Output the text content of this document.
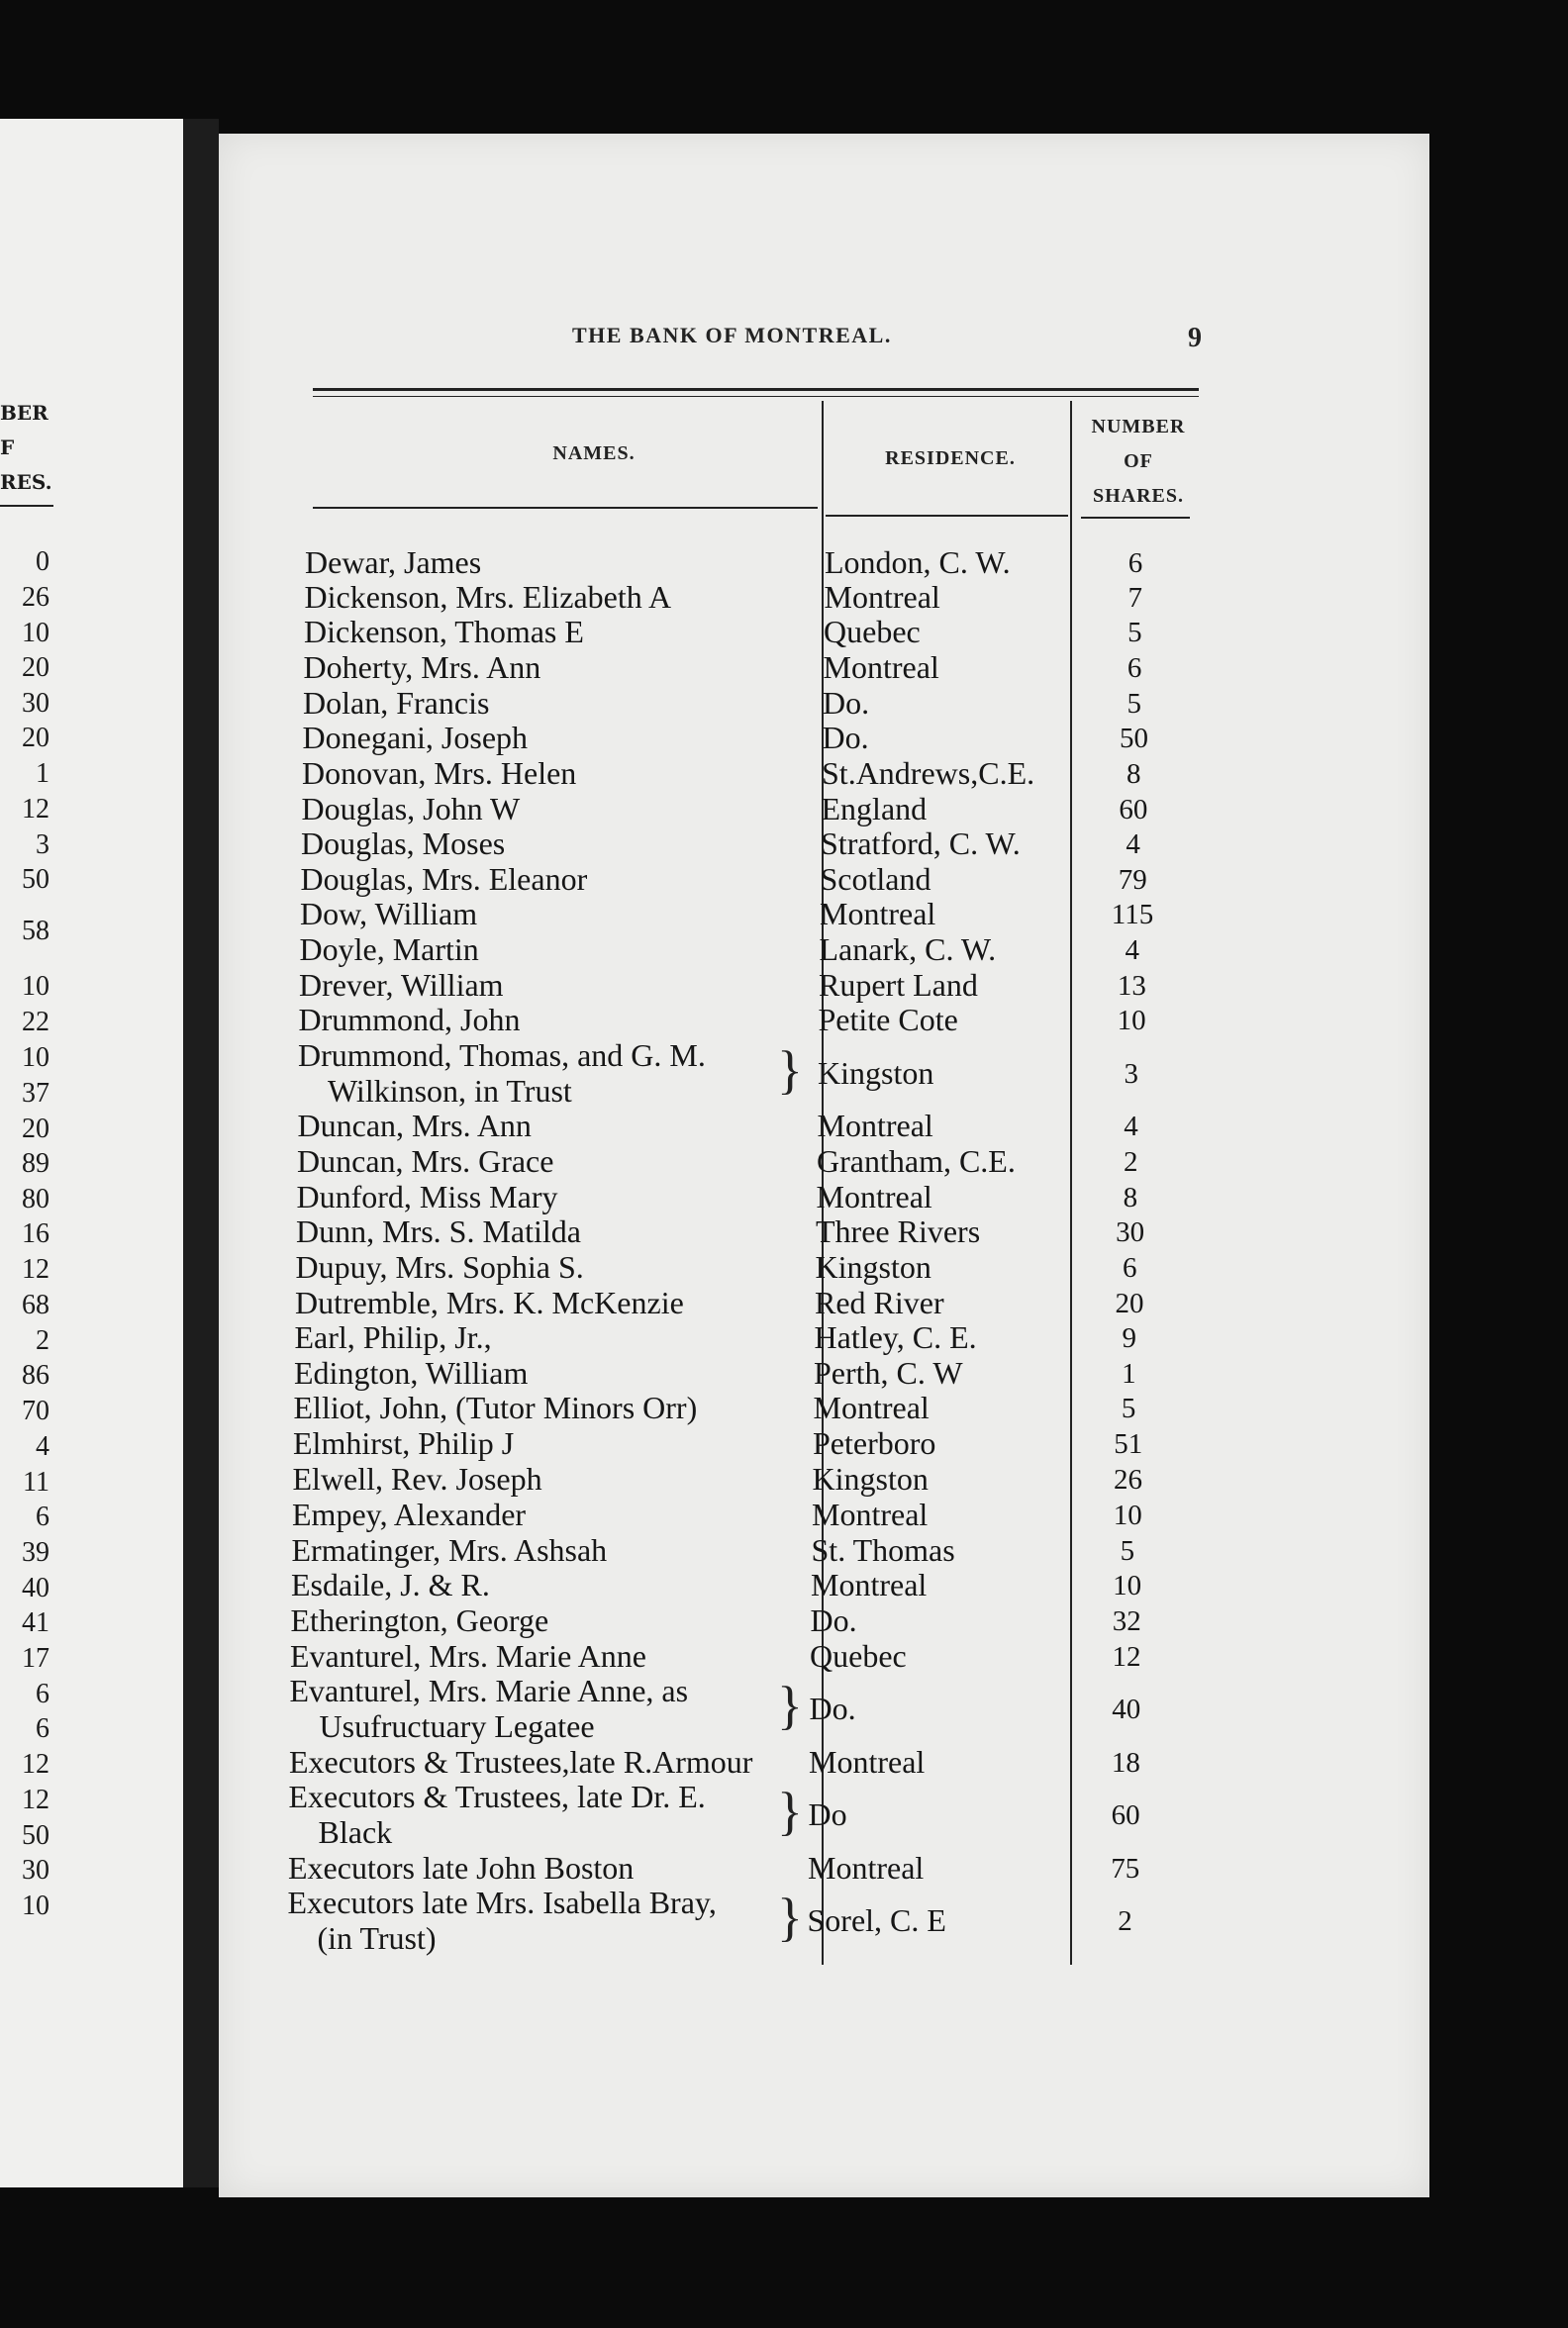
BER
F
RES.
0
26
10
20
30
20
1
12
3
50
58
10
22
10
37
20
89
80
16
12
68
2
86
70
4
11
6
39
40
41
17
6
6
12
12
50
30
10
THE BANK OF MONTREAL.	9
NAMES.	RESIDENCE.
NUMBER
OF
SHARES.
Dewar, James	London, C. W.	6
Dickenson, Mrs. Elizabeth A	Montreal	7
Dickenson, Thomas E	Quebec	5
Doherty, Mrs. Ann	Montreal	6
Dolan, Francis	Do.	5
Donegani, Joseph	Do.	50
Donovan, Mrs. Helen	St.Andrews,C.E.	8
Douglas, John W	England	60
Douglas, Moses	Stratford, C. W.	4
Douglas, Mrs. Eleanor	Scotland	79
Dow, William	Montreal	115
Doyle, Martin	Lanark, C. W.	4
Drever, William	Rupert Land	13
Drummond, John	Petite Cote	10
Drummond, Thomas, and G. M.
Wilkinson, in Trust	} Kingston	3
Duncan, Mrs. Ann	Montreal	4
Duncan, Mrs. Grace	Grantham, C.E.	2
Dunford, Miss Mary	Montreal	8
Dunn, Mrs. S. Matilda	Three Rivers	30
Dupuy, Mrs. Sophia S.	Kingston	6
Dutremble, Mrs. K. McKenzie	Red River	20
Earl, Philip, Jr.,	Hatley, C. E.	9
Edington, William	Perth, C. W	1
Elliot, John, (Tutor Minors Orr)	Montreal	5
Elmhirst, Philip J	Peterboro	51
Elwell, Rev. Joseph	Kingston	26
Empey, Alexander	Montreal	10
Ermatinger, Mrs. Ashsah	St. Thomas	5
Esdaile, J. & R.	Montreal	10
Etherington, George	Do.	32
Evanturel, Mrs. Marie Anne	Quebec	12
Evanturel, Mrs. Marie Anne, as
Usufructuary Legatee	} Do.	40
Executors & Trustees,late R.Armour Montreal	18
Executors & Trustees, late Dr. E.
Black	} Do	60
Executors late John Boston	Montreal	75
Executors late Mrs. Isabella Bray,
(in Trust)	} Sorel, C. E	2
